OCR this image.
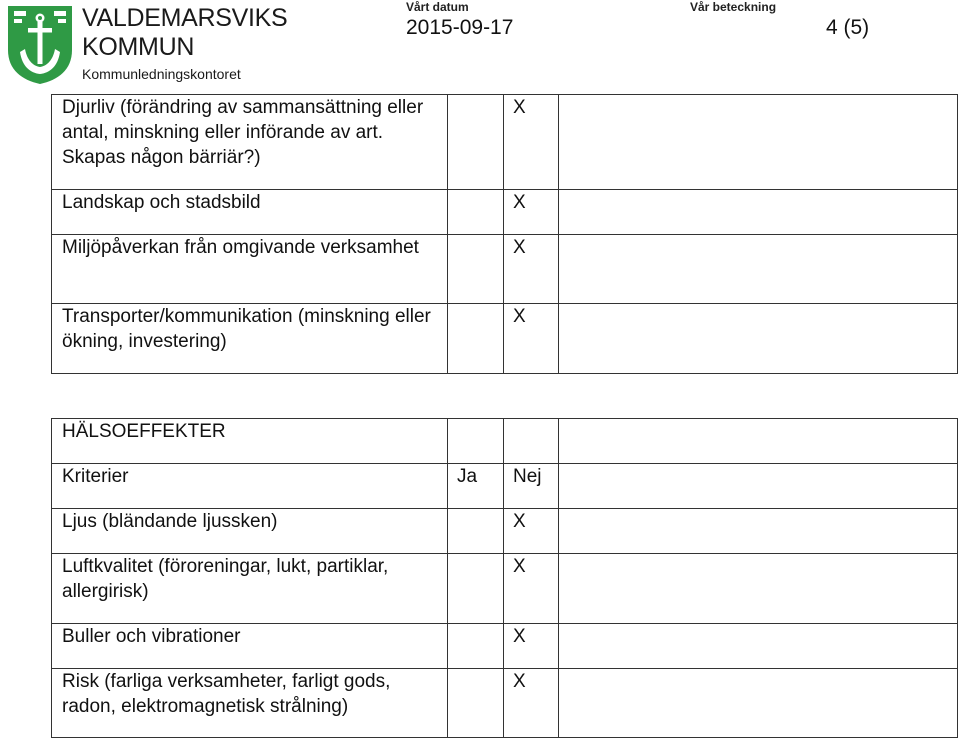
VALDEMARSVIKS
KOMMUN
Kommunledningskontoret
Vårt datum
2015-09-17
Vår beteckning
4 (5)
Djurliv (förändring av sammansättning eller antal, minskning eller införande av art. Skapas någon bärriär?)		X	
Landskap och stadsbild		X	
Miljöpåverkan från omgivande verksamhet		X	
Transporter/kommunikation (minskning eller ökning, investering)		X	
HÄLSOEFFEKTER			
Kriterier	Ja	Nej	
Ljus (bländande ljussken)		X	
Luftkvalitet (föroreningar, lukt, partiklar, allergirisk)		X	
Buller och vibrationer		X	
Risk (farliga verksamheter, farligt gods, radon, elektromagnetisk strålning)		X	
